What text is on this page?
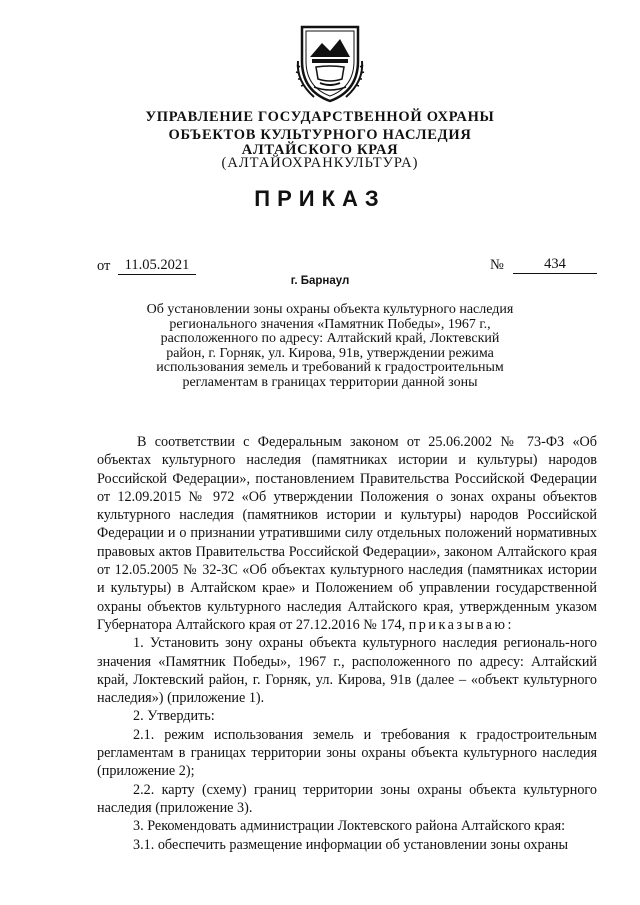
УПРАВЛЕНИЕ ГОСУДАРСТВЕННОЙ ОХРАНЫ
ОБЪЕКТОВ КУЛЬТУРНОГО НАСЛЕДИЯ
АЛТАЙСКОГО КРАЯ
(АЛТАЙОХРАНКУЛЬТУРА)
ПРИКАЗ
от 11.05.2021	№	434
г. Барнаул
Об установлении зоны охраны объекта культурного наследия
регионального значения «Памятник Победы», 1967 г.,
расположенного по адресу: Алтайский край, Локтевский
район, г. Горняк, ул. Кирова, 91в, утверждении режима
использования земель и требований к градостроительным
регламентам в границах территории данной зоны

В соответствии с Федеральным законом от 25.06.2002 № 73-ФЗ «Об объектах культурного наследия (памятниках истории и культуры) народов Российской Федерации», постановлением Правительства Российской Федерации от 12.09.2015 № 972 «Об утверждении Положения о зонах охраны объектов культурного наследия (памятников истории и культуры) народов Российской Федерации и о признании утратившими силу отдельных положений нормативных правовых актов Правительства Российской Федерации», законом Алтайского края от 12.05.2005 № 32-ЗС «Об объектах культурного наследия (памятниках истории и культуры) в Алтайском крае» и Положением об управлении государственной охраны объектов культурного наследия Алтайского края, утвержденным указом Губернатора Алтайского края от 27.12.2016 № 174, приказываю:

1. Установить зону охраны объекта культурного наследия региональ-ного значения «Памятник Победы», 1967 г., расположенного по адресу: Алтайский край, Локтевский район, г. Горняк, ул. Кирова, 91в (далее – «объект культурного наследия») (приложение 1).

2. Утвердить:

2.1. режим использования земель и требования к градостроительным регламентам в границах территории зоны охраны объекта культурного наследия (приложение 2);

2.2. карту (схему) границ территории зоны охраны объекта культурного наследия (приложение 3).

3. Рекомендовать администрации Локтевского района Алтайского края:

3.1. обеспечить размещение информации об установлении зоны охраны
